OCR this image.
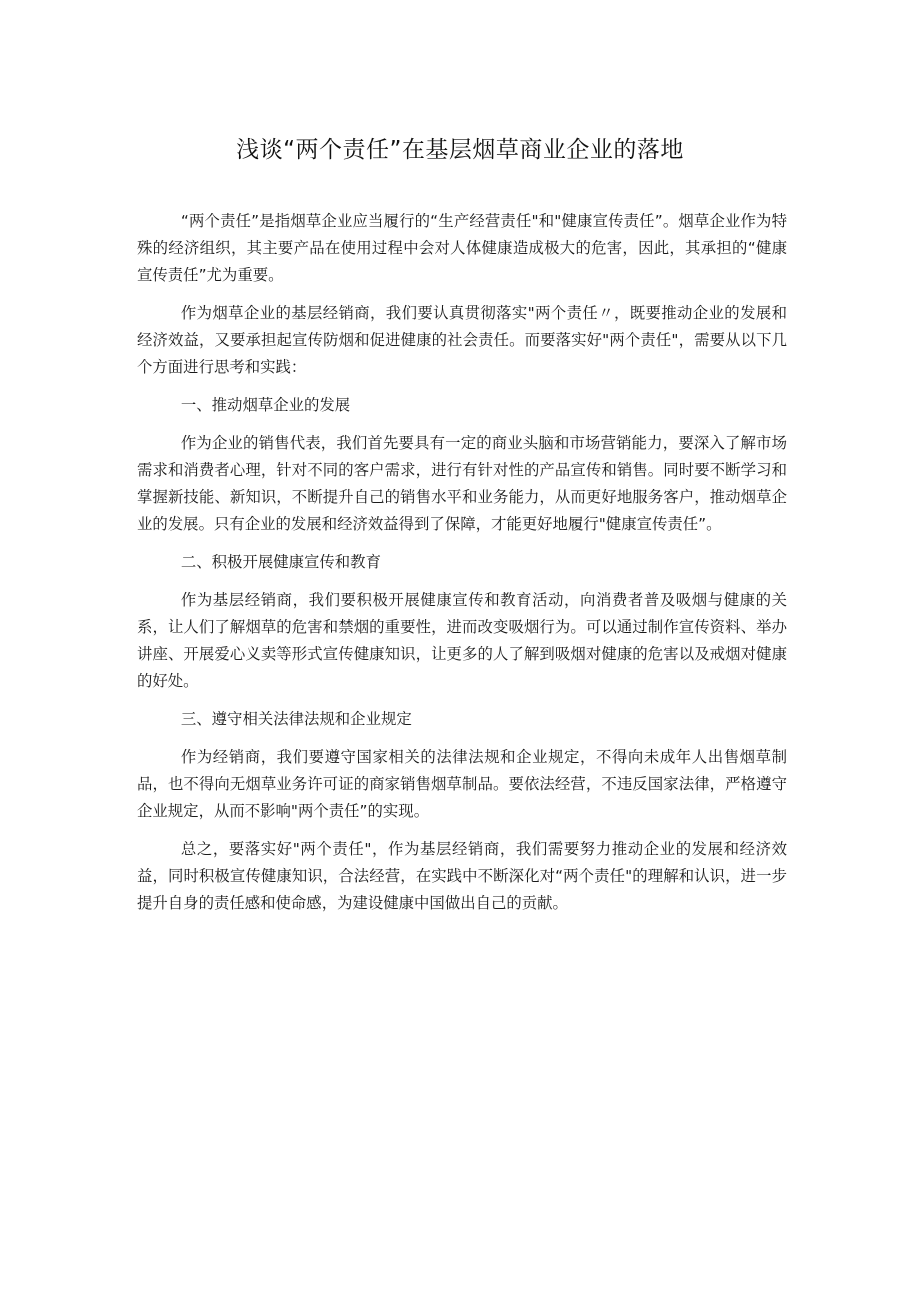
浅谈“两个责任”在基层烟草商业企业的落地

“两个责任”是指烟草企业应当履行的“生产经营责任"和"健康宣传责任”。烟草企业作为特殊的经济组织，其主要产品在使用过程中会对人体健康造成极大的危害，因此，其承担的“健康宣传责任”尤为重要。

作为烟草企业的基层经销商，我们要认真贯彻落实"两个责任〃，既要推动企业的发展和经济效益，又要承担起宣传防烟和促进健康的社会责任。而要落实好"两个责任"，需要从以下几个方面进行思考和实践：

一、推动烟草企业的发展

作为企业的销售代表，我们首先要具有一定的商业头脑和市场营销能力，要深入了解市场需求和消费者心理，针对不同的客户需求，进行有针对性的产品宣传和销售。同时要不断学习和掌握新技能、新知识，不断提升自己的销售水平和业务能力，从而更好地服务客户，推动烟草企业的发展。只有企业的发展和经济效益得到了保障，才能更好地履行"健康宣传责任”。

二、积极开展健康宣传和教育

作为基层经销商，我们要积极开展健康宣传和教育活动，向消费者普及吸烟与健康的关系，让人们了解烟草的危害和禁烟的重要性，进而改变吸烟行为。可以通过制作宣传资料、举办讲座、开展爱心义卖等形式宣传健康知识，让更多的人了解到吸烟对健康的危害以及戒烟对健康的好处。

三、遵守相关法律法规和企业规定

作为经销商，我们要遵守国家相关的法律法规和企业规定，不得向未成年人出售烟草制品，也不得向无烟草业务许可证的商家销售烟草制品。要依法经营，不违反国家法律，严格遵守企业规定，从而不影响"两个责任”的实现。

总之，要落实好"两个责任"，作为基层经销商，我们需要努力推动企业的发展和经济效益，同时积极宣传健康知识，合法经营，在实践中不断深化对“两个责任"的理解和认识，进一步提升自身的责任感和使命感，为建设健康中国做出自己的贡献。
